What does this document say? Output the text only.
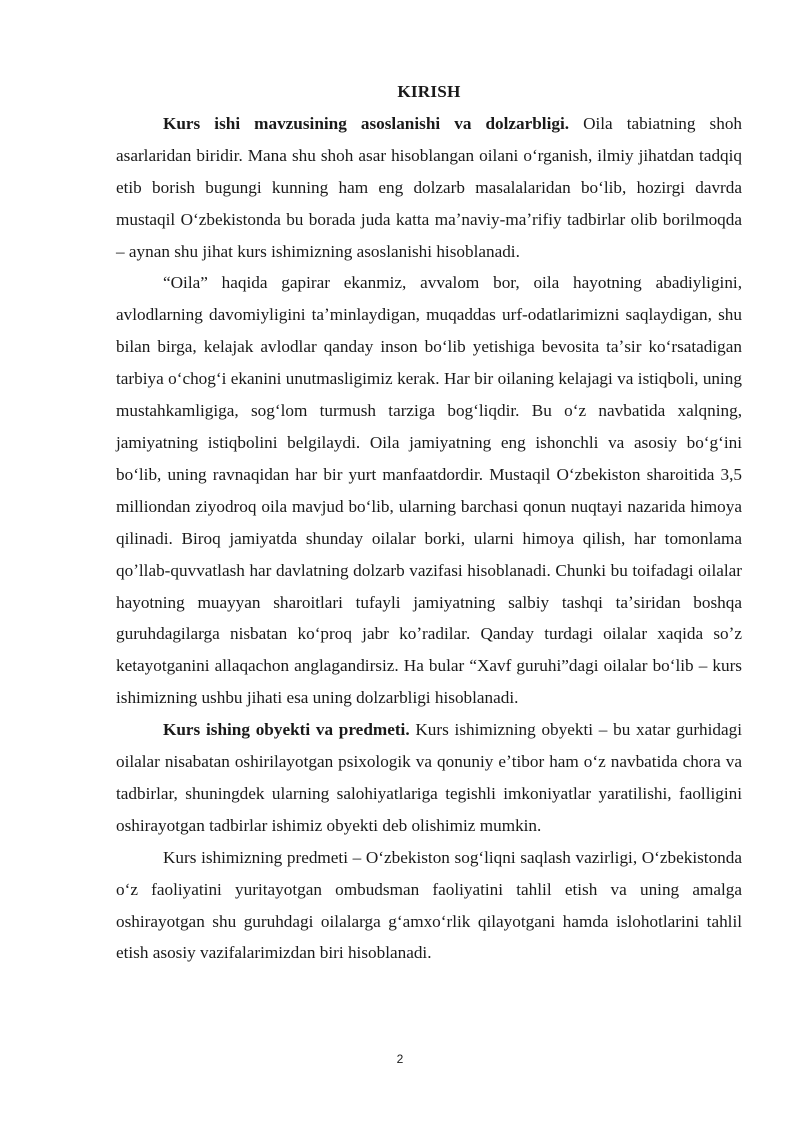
KIRISH

Kurs ishi mavzusining asoslanishi va dolzarbligi. Oila tabiatning shoh asarlaridan biridir. Mana shu shoh asar hisoblangan oilani oʻrganish, ilmiy jihatdan tadqiq etib borish bugungi kunning ham eng dolzarb masalalaridan boʻlib, hozirgi davrda mustaqil Oʻzbekistonda bu borada juda katta maʼnaviy-maʼrifiy tadbirlar olib borilmoqda – aynan shu jihat kurs ishimizning asoslanishi hisoblanadi.

“Oila” haqida gapirar ekanmiz, avvalom bor, oila hayotning abadiyligini, avlodlarning davomiyligini taʼminlaydigan, muqaddas urf-odatlarimizni saqlaydigan, shu bilan birga, kelajak avlodlar qanday inson boʻlib yetishiga bevosita taʼsir koʻrsatadigan tarbiya oʻchogʻi ekanini unutmasligimiz kerak. Har bir oilaning kelajagi va istiqboli, uning mustahkamligiga, sogʻlom turmush tarziga bogʻliqdir. Bu oʻz navbatida xalqning, jamiyatning istiqbolini belgilaydi. Oila jamiyatning eng ishonchli va asosiy boʻgʻini boʻlib, uning ravnaqidan har bir yurt manfaatdordir. Mustaqil Oʻzbekiston sharoitida 3,5 milliondan ziyodroq oila mavjud boʻlib, ularning barchasi qonun nuqtayi nazarida himoya qilinadi. Biroq jamiyatda shunday oilalar borki, ularni himoya qilish, har tomonlama qoʼllab-quvvatlash har davlatning dolzarb vazifasi hisoblanadi. Chunki bu toifadagi oilalar hayotning muayyan sharoitlari tufayli jamiyatning salbiy tashqi taʼsiridan boshqa guruhdagilarga nisbatan koʻproq jabr koʼradilar. Qanday turdagi oilalar xaqida soʼz ketayotganini allaqachon anglagandirsiz. Ha bular “Xavf guruhi”dagi oilalar boʻlib – kurs ishimizning ushbu jihati esa uning dolzarbligi hisoblanadi.

Kurs ishing obyekti va predmeti. Kurs ishimizning obyekti – bu xatar gurhidagi oilalar nisabatan oshirilayotgan psixologik va qonuniy eʼtibor ham oʻz navbatida chora va tadbirlar, shuningdek ularning salohiyatlariga tegishli imkoniyatlar yaratilishi, faolligini oshirayotgan tadbirlar ishimiz obyekti deb olishimiz mumkin.

Kurs ishimizning predmeti – Oʻzbekiston sogʻliqni saqlash vazirligi, Oʻzbekistonda oʻz faoliyatini yuritayotgan ombudsman faoliyatini tahlil etish va uning amalga oshirayotgan shu guruhdagi oilalarga gʻamxoʻrlik qilayotgani hamda islohotlarini tahlil etish asosiy vazifalarimizdan biri hisoblanadi.

2
